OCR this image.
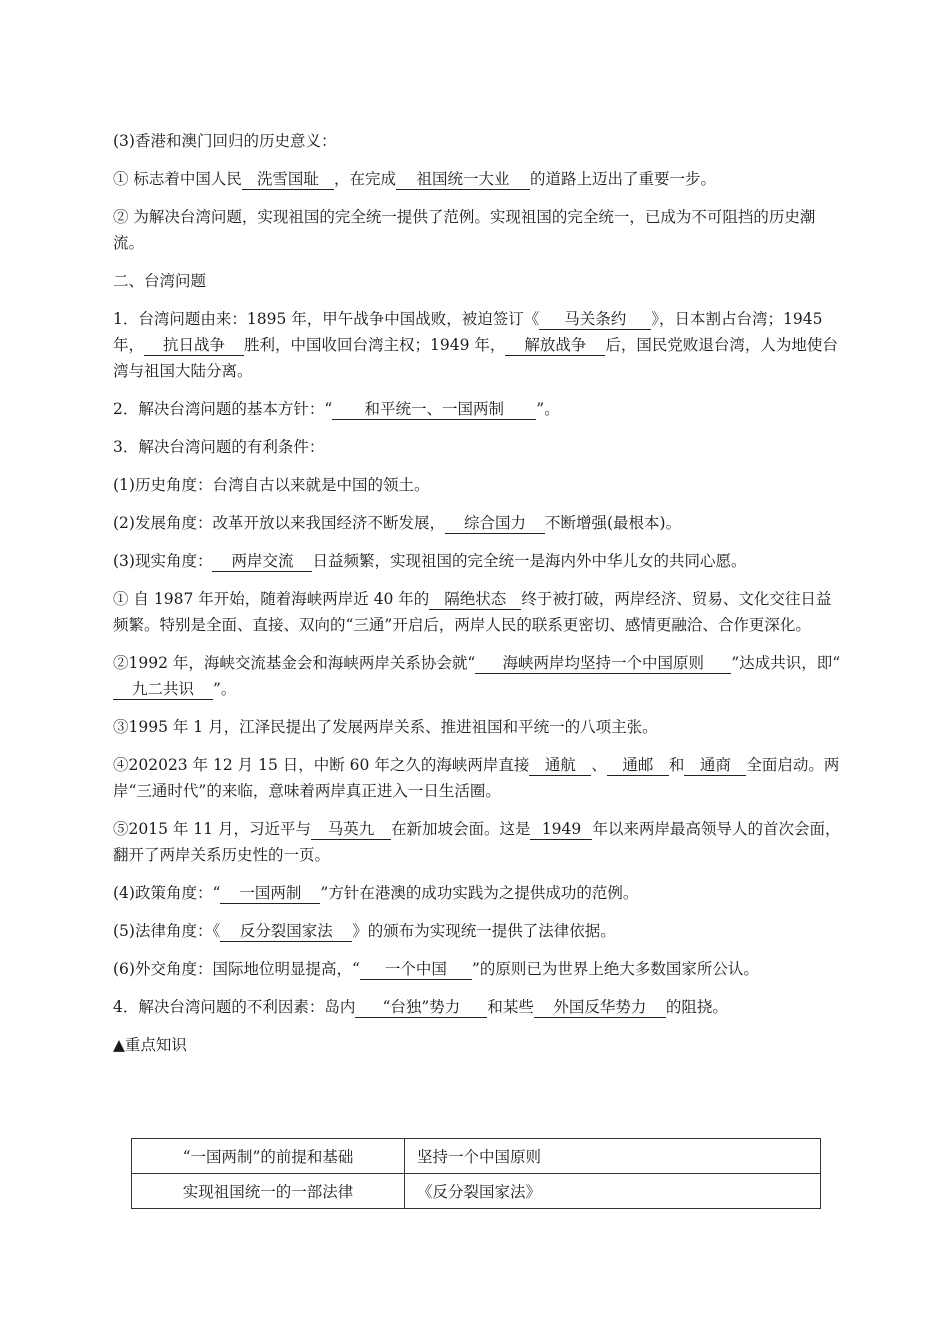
(3)香港和澳门回归的历史意义：

① 标志着中国人民 洗雪国耻 ，在完成 祖国统一大业 的道路上迈出了重要一步。

② 为解决台湾问题，实现祖国的完全统一提供了范例。实现祖国的完全统一，已成为不可阻挡的历史潮流。

二、台湾问题

1．台湾问题由来：1895 年，甲午战争中国战败，被迫签订《 马关条约 》，日本割占台湾；1945 年， 抗日战争 胜利，中国收回台湾主权；1949 年， 解放战争 后，国民党败退台湾，人为地使台湾与祖国大陆分离。

2．解决台湾问题的基本方针：“ 和平统一、一国两制 ”。

3．解决台湾问题的有利条件：

(1)历史角度：台湾自古以来就是中国的领土。

(2)发展角度：改革开放以来我国经济不断发展， 综合国力 不断增强(最根本)。

(3)现实角度： 两岸交流 日益频繁，实现祖国的完全统一是海内外中华儿女的共同心愿。

① 自 1987 年开始，随着海峡两岸近 40 年的 隔绝状态 终于被打破，两岸经济、贸易、文化交往日益频繁。特别是全面、直接、双向的“三通”开启后，两岸人民的联系更密切、感情更融洽、合作更深化。

②1992 年，海峡交流基金会和海峡两岸关系协会就“ 海峡两岸均坚持一个中国原则 ”达成共识，即“九二共识 ”。

③1995 年 1 月，江泽民提出了发展两岸关系、推进祖国和平统一的八项主张。

④202023 年 12 月 15 日，中断 60 年之久的海峡两岸直接 通航 、 通邮 和 通商 全面启动。两岸“三通时代”的来临，意味着两岸真正进入一日生活圈。

⑤2015 年 11 月，习近平与 马英九 在新加坡会面。这是 1949 年以来两岸最高领导人的首次会面，翻开了两岸关系历史性的一页。

(4)政策角度：“ 一国两制 ”方针在港澳的成功实践为之提供成功的范例。

(5)法律角度：《 反分裂国家法 》的颁布为实现统一提供了法律依据。

(6)外交角度：国际地位明显提高，“ 一个中国 ”的原则已为世界上绝大多数国家所公认。

4．解决台湾问题的不利因素：岛内 “台独”势力 和某些 外国反华势力 的阻挠。

▲重点知识

“一国两制”的前提和基础	坚持一个中国原则
实现祖国统一的一部法律	《反分裂国家法》
